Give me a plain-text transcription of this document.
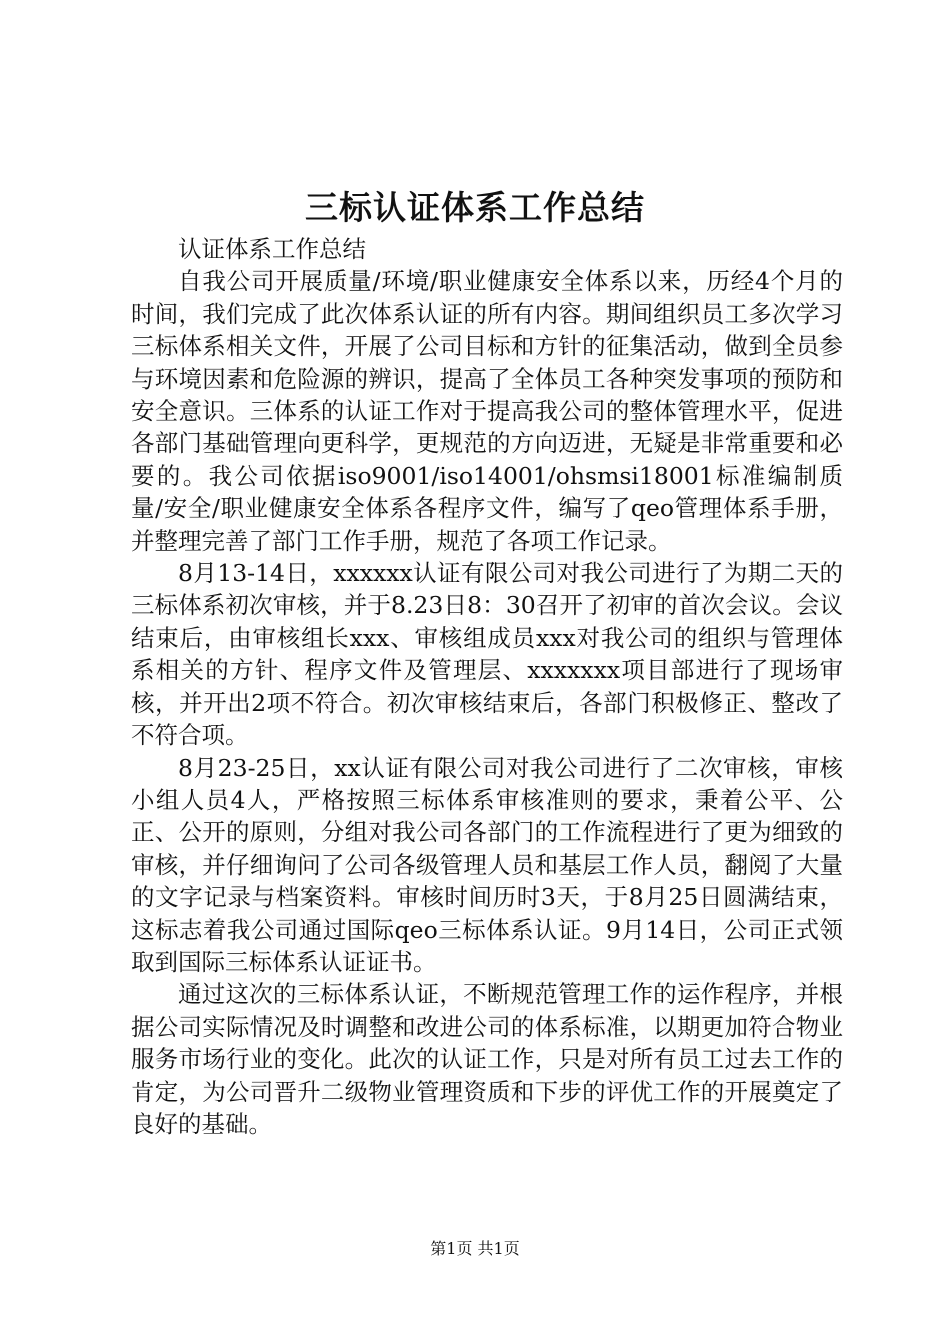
三标认证体系工作总结

认证体系工作总结

自我公司开展质量/环境/职业健康安全体系以来，历经4个月的时间，我们完成了此次体系认证的所有内容。期间组织员工多次学习三标体系相关文件，开展了公司目标和方针的征集活动，做到全员参与环境因素和危险源的辨识，提高了全体员工各种突发事项的预防和安全意识。三体系的认证工作对于提高我公司的整体管理水平，促进各部门基础管理向更科学，更规范的方向迈进，无疑是非常重要和必要的。我公司依据iso9001/iso14001/ohsmsi18001标准编制质量/安全/职业健康安全体系各程序文件，编写了qeo管理体系手册，并整理完善了部门工作手册，规范了各项工作记录。

8月13-14日，xxxxxx认证有限公司对我公司进行了为期二天的三标体系初次审核，并于8.23日8：30召开了初审的首次会议。会议结束后，由审核组长xxx、审核组成员xxx对我公司的组织与管理体系相关的方针、程序文件及管理层、xxxxxxx项目部进行了现场审核，并开出2项不符合。初次审核结束后，各部门积极修正、整改了不符合项。

8月23-25日，xx认证有限公司对我公司进行了二次审核，审核小组人员4人，严格按照三标体系审核准则的要求，秉着公平、公正、公开的原则，分组对我公司各部门的工作流程进行了更为细致的审核，并仔细询问了公司各级管理人员和基层工作人员，翻阅了大量的文字记录与档案资料。审核时间历时3天，于8月25日圆满结束，这标志着我公司通过国际qeo三标体系认证。9月14日，公司正式领取到国际三标体系认证证书。

通过这次的三标体系认证，不断规范管理工作的运作程序，并根据公司实际情况及时调整和改进公司的体系标准，以期更加符合物业服务市场行业的变化。此次的认证工作，只是对所有员工过去工作的肯定，为公司晋升二级物业管理资质和下步的评优工作的开展奠定了良好的基础。

第1页 共1页
